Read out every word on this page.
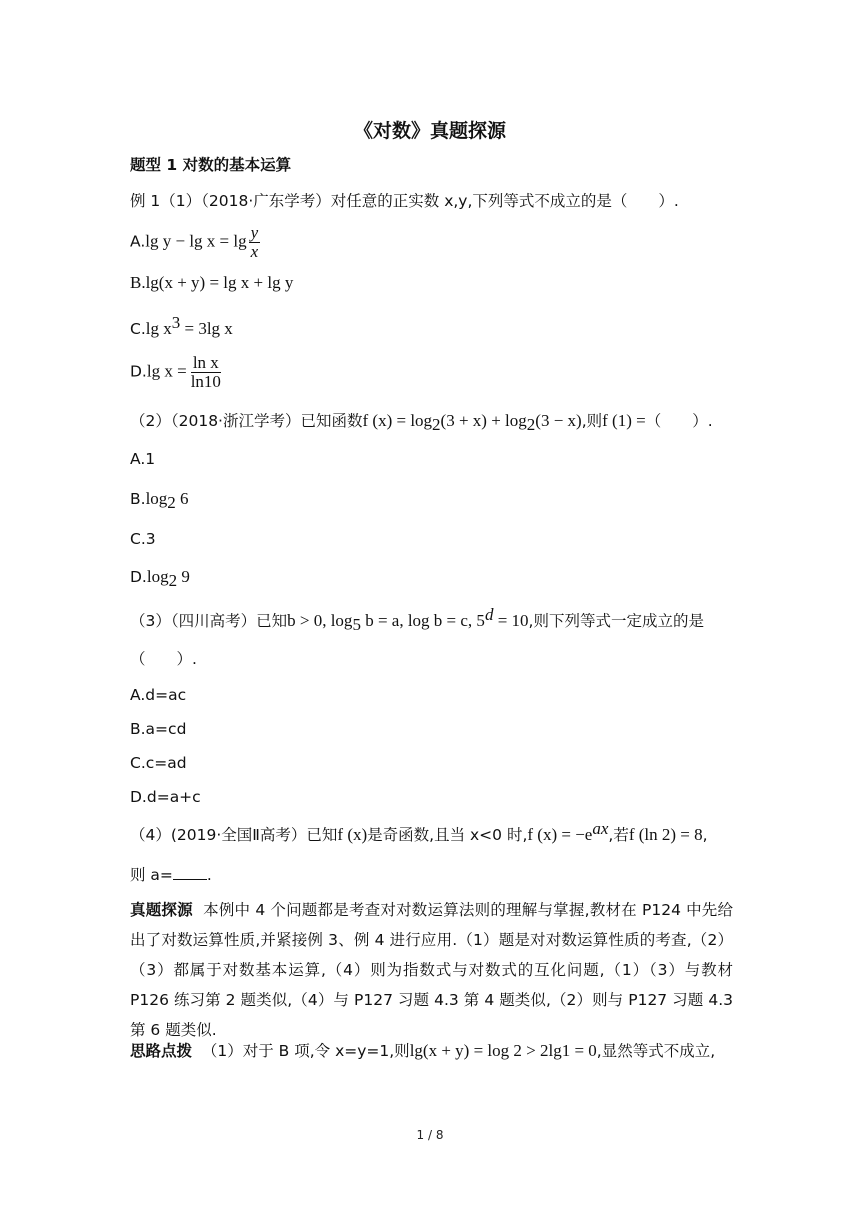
《对数》真题探源
题型 1 对数的基本运算
例 1（1）（2018·广东学考）对任意的正实数 x,y,下列等式不成立的是（　　）.
A.lg $y - \lg x = \lg \frac{y}{x}$
B.lg(x + y) = lg x + lg y
C.lg $x^3 = 3\lg$ x
D.lg $x = \frac{\text{ln x}}{\ln 10}$
（2）（2018·浙江学考）已知函数f $(x) = \log_2(3 + x) + \log_2(3 - x)$,则f (1) =（　　）.
A.1
$B.\log_2$ 6
C.3
$D.\log_2$ 9
（3）（四川高考）已知b > 0, $\log_5 b = a$, log b = c, $5^d = 10$,则下列等式一定成立的是
（　　）.
A.d=ac
B.a=cd
C.c=ad
D.d=a+c
（4）(2019·全国Ⅱ高考）已知f (x)是奇函数,且当 x<0 时,f $(x) = -e^{ax}$,若f (ln 2) = 8,
则 a= .
真题探源 本例中 4 个问题都是考查对对数运算法则的理解与掌握,教材在 P124 中先给出了对数运算性质,并紧接例 3、例 4 进行应用.（1）题是对对数运算性质的考查,（2）（3）都属于对数基本运算,（4）则为指数式与对数式的互化问题,（1）（3）与教材 P126 练习第 2 题类似,（4）与 P127 习题 4.3 第 4 题类似,（2）则与 P127 习题 4.3 第 6 题类似.
思路点拨 （1）对于 B 项,令 x=y=1,则lg(x + y) = log 2 > 2lg1 = 0,显然等式不成立,
1 / 8
